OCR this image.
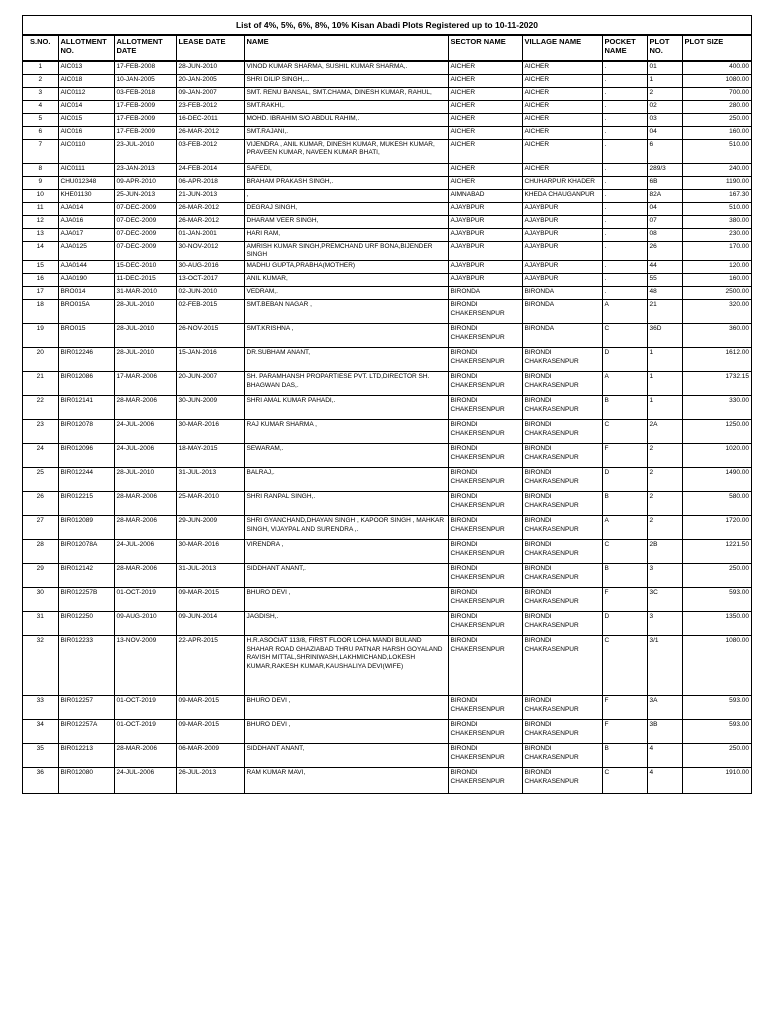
List of 4%, 5%, 6%, 8%, 10% Kisan Abadi Plots Registered up to 10-11-2020
S.NO.	ALLOTMENT NO.	ALLOTMENT DATE	LEASE DATE	NAME	SECTOR NAME	VILLAGE NAME	POCKET NAME	PLOT NO.	PLOT SIZE
1	AIC013	17-FEB-2008	28-JUN-2010	VINOD KUMAR SHARMA, SUSHIL KUMAR SHARMA,.	AICHER	AICHER	.	01	400.00
2	AIC018	10-JAN-2005	20-JAN-2005	SHRI DILIP SINGH,...	AICHER	AICHER	.	1	1080.00
3	AIC0112	03-FEB-2018	09-JAN-2007	SMT. RENU BANSAL, SMT.CHAMA, DINESH KUMAR, RAHUL,	AICHER	AICHER	.	2	700.00
4	AIC014	17-FEB-2009	23-FEB-2012	SMT.RAKHI,.	AICHER	AICHER	.	02	280.00
5	AIC015	17-FEB-2009	16-DEC-2011	MOHD. IBRAHIM S/O ABDUL RAHIM,.	AICHER	AICHER	.	03	250.00
6	AIC016	17-FEB-2009	26-MAR-2012	SMT.RAJANI,.	AICHER	AICHER	.	04	160.00
7	AIC0110	23-JUL-2010	03-FEB-2012	VIJENDRA , ANIL KUMAR, DINESH KUMAR, MUKESH KUMAR, PRAVEEN KUMAR, NAVEEN KUMAR BHATI,	AICHER	AICHER	.	6	510.00
8	AIC0111	23-JAN-2013	24-FEB-2014	SAFEDI,	AICHER	AICHER	.	289/3	240.00
9	CHU012348	09-APR-2010	06-APR-2018	BRAHAM PRAKASH SINGH,.	AICHER	CHUHARPUR KHADER	.	6B	1190.00
10	KHE01130	25-JUN-2013	21-JUN-2013	,	AIMNABAD	KHEDA CHAUGANPUR	.	82A	167.30
11	AJA014	07-DEC-2009	26-MAR-2012	DEGRAJ SINGH,	AJAYBPUR	AJAYBPUR	.	04	510.00
12	AJA016	07-DEC-2009	26-MAR-2012	DHARAM VEER SINGH,	AJAYBPUR	AJAYBPUR	.	07	380.00
13	AJA017	07-DEC-2009	01-JAN-2001	HARI RAM,	AJAYBPUR	AJAYBPUR	.	08	230.00
14	AJA0125	07-DEC-2009	30-NOV-2012	AMRISH KUMAR SINGH,PREMCHAND URF BONA,BIJENDER SINGH	AJAYBPUR	AJAYBPUR	.	26	170.00
15	AJA0144	15-DEC-2010	30-AUG-2016	MADHU GUPTA,PRABHA(MOTHER)	AJAYBPUR	AJAYBPUR	.	44	120.00
16	AJA0190	11-DEC-2015	13-OCT-2017	ANIL KUMAR,	AJAYBPUR	AJAYBPUR	.	55	160.00
17	BRO014	31-MAR-2010	02-JUN-2010	VEDRAM,.	BIRONDA	BIRONDA	.	48	2500.00
18	BRO015A	28-JUL-2010	02-FEB-2015	SMT.BEBAN NAGAR ,	BIRONDI CHAKERSENPUR	BIRONDA	A	21	320.00
19	BRO015	28-JUL-2010	26-NOV-2015	SMT.KRISHNA ,	BIRONDI CHAKERSENPUR	BIRONDA	C	36D	360.00
20	BIR012246	28-JUL-2010	15-JAN-2016	DR.SUBHAM ANANT,	BIRONDI CHAKERSENPUR	BIRONDI CHAKRASENPUR	D	1	1612.00
21	BIR012086	17-MAR-2006	20-JUN-2007	SH. PARAMHANSH PROPARTIESE PVT. LTD,DIRECTOR SH. BHAGWAN DAS,.	BIRONDI CHAKERSENPUR	BIRONDI CHAKRASENPUR	A	1	1732.15
22	BIR012141	28-MAR-2006	30-JUN-2009	SHRI AMAL KUMAR PAHADI,.	BIRONDI CHAKERSENPUR	BIRONDI CHAKRASENPUR	B	1	330.00
23	BIR012078	24-JUL-2006	30-MAR-2016	RAJ KUMAR SHARMA ,	BIRONDI CHAKERSENPUR	BIRONDI CHAKRASENPUR	C	2A	1250.00
24	BIR012096	24-JUL-2006	18-MAY-2015	SEWARAM,.	BIRONDI CHAKERSENPUR	BIRONDI CHAKRASENPUR	F	2	1020.00
25	BIR012244	28-JUL-2010	31-JUL-2013	BALRAJ,.	BIRONDI CHAKERSENPUR	BIRONDI CHAKRASENPUR	D	2	1490.00
26	BIR012215	28-MAR-2006	25-MAR-2010	SHRI RANPAL SINGH,.	BIRONDI CHAKERSENPUR	BIRONDI CHAKRASENPUR	B	2	580.00
27	BIR012089	28-MAR-2006	29-JUN-2009	SHRI GYANCHAND,DHAYAN SINGH , KAPOOR SINGH , MAHKAR SINGH, VIJAYPAL AND SURENDRA ,.	BIRONDI CHAKERSENPUR	BIRONDI CHAKRASENPUR	A	2	1720.00
28	BIR012078A	24-JUL-2006	30-MAR-2016	VIRENDRA ,	BIRONDI CHAKERSENPUR	BIRONDI CHAKRASENPUR	C	2B	1221.50
29	BIR012142	28-MAR-2006	31-JUL-2013	SIDDHANT ANANT,.	BIRONDI CHAKERSENPUR	BIRONDI CHAKRASENPUR	B	3	250.00
30	BIR012257B	01-OCT-2019	09-MAR-2015	BHURO DEVI ,	BIRONDI CHAKERSENPUR	BIRONDI CHAKRASENPUR	F	3C	593.00
31	BIR012250	09-AUG-2010	09-JUN-2014	JAGDISH,.	BIRONDI CHAKERSENPUR	BIRONDI CHAKRASENPUR	D	3	1350.00
32	BIR012233	13-NOV-2009	22-APR-2015	H.R.ASOCIAT 113/8, FIRST FLOOR LOHA MANDI BULAND SHAHAR ROAD GHAZIABAD THRU PATNAR HARSH GOYALAND RAVISH MITTAL,SHRINIWASH,LAKHMICHAND,LOKESH KUMAR,RAKESH KUMAR,KAUSHALIYA DEVI(WIFE)	BIRONDI CHAKERSENPUR	BIRONDI CHAKRASENPUR	C	3/1	1080.00
33	BIR012257	01-OCT-2019	09-MAR-2015	BHURO DEVI ,	BIRONDI CHAKERSENPUR	BIRONDI CHAKRASENPUR	F	3A	593.00
34	BIR012257A	01-OCT-2019	09-MAR-2015	BHURO DEVI ,	BIRONDI CHAKERSENPUR	BIRONDI CHAKRASENPUR	F	3B	593.00
35	BIR012213	28-MAR-2006	06-MAR-2009	SIDDHANT ANANT,	BIRONDI CHAKERSENPUR	BIRONDI CHAKRASENPUR	B	4	250.00
36	BIR012080	24-JUL-2006	26-JUL-2013	RAM KUMAR MAVI,	BIRONDI CHAKERSENPUR	BIRONDI CHAKRASENPUR	C	4	1910.00
